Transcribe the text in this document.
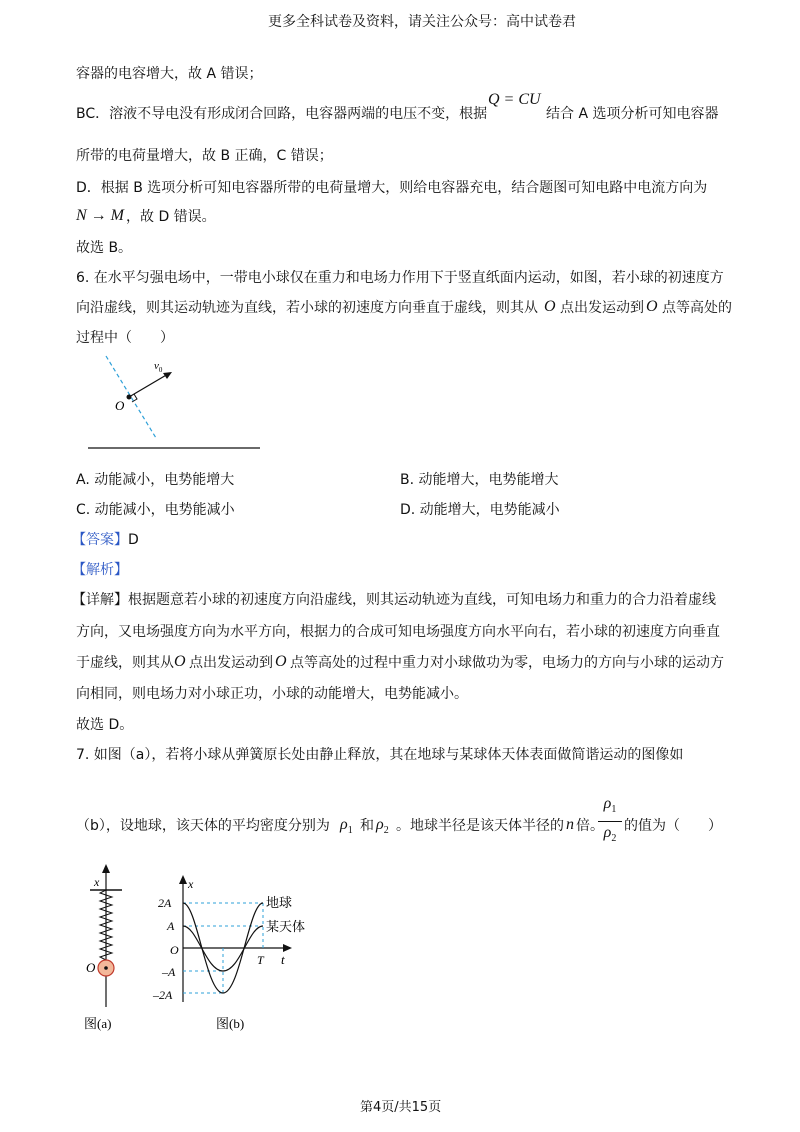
更多全科试卷及资料，请关注公众号：高中试卷君
容器的电容增大，故 A 错误；
BC．溶液不导电没有形成闭合回路，电容器两端的电压不变，根据
Q = CU
结合 A 选项分析可知电容器
所带的电荷量增大，故 B 正确，C 错误；
D．根据 B 选项分析可知电容器所带的电荷量增大，则给电容器充电，结合题图可知电路中电流方向为
N → M ，故 D 错误。
故选 B。
6. 在水平匀强电场中，一带电小球仅在重力和电场力作用下于竖直纸面内运动，如图，若小球的初速度方
向沿虚线，则其运动轨迹为直线，若小球的初速度方向垂直于虚线，则其从 O 点出发运动到 O 点等高处的
过程中（　　）
$v_0$
O
A. 动能减小，电势能增大	B. 动能增大，电势能增大
C. 动能减小，电势能减小	D. 动能增大，电势能减小
【答案】D
【解析】
【详解】根据题意若小球的初速度方向沿虚线，则其运动轨迹为直线，可知电场力和重力的合力沿着虚线
方向，又电场强度方向为水平方向，根据力的合成可知电场强度方向水平向右，若小球的初速度方向垂直
于虚线，则其从 O 点出发运动到 O 点等高处的过程中重力对小球做功为零，电场力的方向与小球的运动方
向相同，则电场力对小球正功，小球的动能增大，电势能减小。
故选 D。
7. 如图（a），若将小球从弹簧原长处由静止释放，其在地球与某球体天体表面做简谐运动的图像如
（b），设地球，该天体的平均密度分别为 $\rho_1$ 和 $\rho_2$ 。地球半径是该天体半径的 n 倍。
$\rho_1$
$\rho_2$
的值为（　　）
x
O
图(a)
x
t
O
T
2A
A
–A
–2A
地球
某天体
图(b)
第4页/共15页
